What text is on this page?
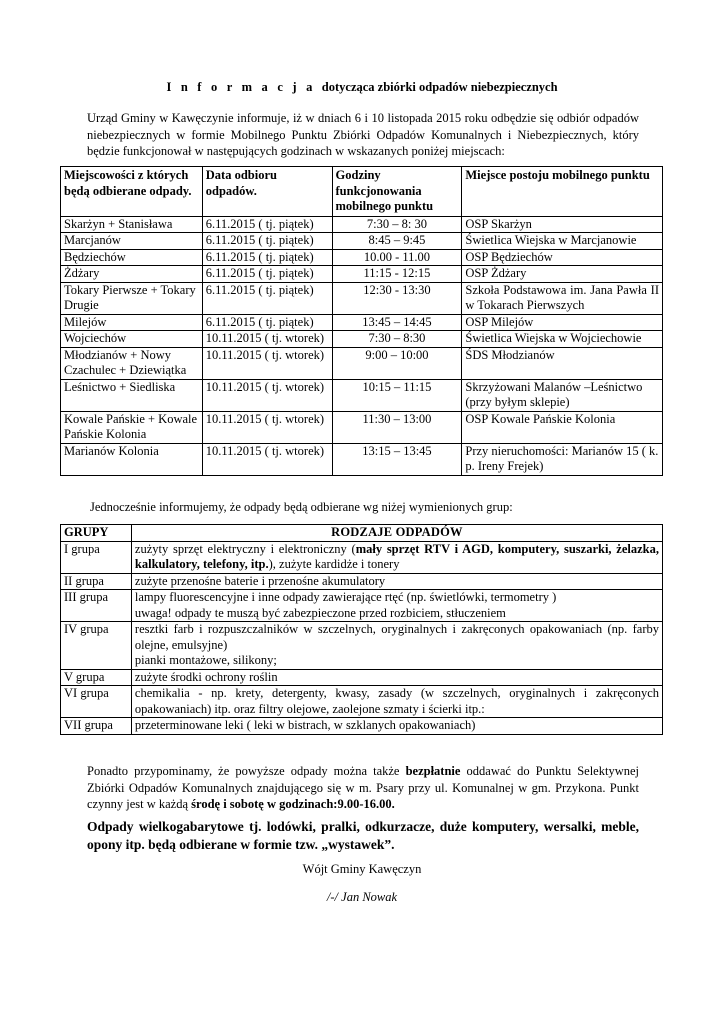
I n f o r m a c j a dotycząca zbiórki odpadów niebezpiecznych

Urząd Gminy w Kawęczynie informuje, iż w dniach 6 i 10 listopada 2015 roku odbędzie się odbiór odpadów niebezpiecznych w formie Mobilnego Punktu Zbiórki Odpadów Komunalnych i Niebezpiecznych, który będzie funkcjonował w następujących godzinach w wskazanych poniżej miejscach:

Miejscowości z których będą odbierane odpady.	Data odbioru odpadów.	Godziny funkcjonowania mobilnego punktu	Miejsce postoju mobilnego punktu
Skarżyn + Stanisława	6.11.2015 ( tj. piątek)	7:30 – 8: 30	OSP Skarżyn
Marcjanów	6.11.2015 ( tj. piątek)	8:45 – 9:45	Świetlica Wiejska w Marcjanowie
Będziechów	6.11.2015 ( tj. piątek)	10.00 - 11.00	OSP Będziechów
Żdżary	6.11.2015 ( tj. piątek)	11:15 - 12:15	OSP Żdżary
Tokary Pierwsze + Tokary Drugie	6.11.2015 ( tj. piątek)	12:30 - 13:30	Szkoła Podstawowa im. Jana Pawła II w Tokarach Pierwszych
Milejów	6.11.2015 ( tj. piątek)	13:45 – 14:45	OSP Milejów
Wojciechów	10.11.2015 ( tj. wtorek)	7:30 – 8:30	Świetlica Wiejska w Wojciechowie
Młodzianów + Nowy Czachulec + Dziewiątka	10.11.2015 ( tj. wtorek)	9:00 – 10:00	ŚDS Młodzianów
Leśnictwo + Siedliska	10.11.2015 ( tj. wtorek)	10:15 – 11:15	Skrzyżowani Malanów –Leśnictwo (przy byłym sklepie)
Kowale Pańskie + Kowale Pańskie Kolonia	10.11.2015 ( tj. wtorek)	11:30 – 13:00	OSP Kowale Pańskie Kolonia
Marianów Kolonia	10.11.2015 ( tj. wtorek)	13:15 – 13:45	Przy nieruchomości: Marianów 15 ( k. p. Ireny Frejek)
Jednocześnie informujemy, że odpady będą odbierane wg niżej wymienionych grup:
GRUPY	RODZAJE ODPADÓW
I grupa	zużyty sprzęt elektryczny i elektroniczny (mały sprzęt RTV i AGD, komputery, suszarki, żelazka, kalkulatory, telefony, itp.), zużyte kardidże i tonery
II grupa	zużyte przenośne baterie i przenośne akumulatory
III grupa	lampy fluorescencyjne i inne odpady zawierające rtęć (np. świetlówki, termometry )
uwaga! odpady te muszą być zabezpieczone przed rozbiciem, stłuczeniem

IV grupa	resztki farb i rozpuszczalników w szczelnych, oryginalnych i zakręconych opakowaniach (np. farby olejne, emulsyjne)
pianki montażowe, silikony;

V grupa	zużyte środki ochrony roślin
VI grupa	chemikalia - np. krety, detergenty, kwasy, zasady (w szczelnych, oryginalnych i zakręconych opakowaniach) itp. oraz filtry olejowe, zaolejone szmaty i ścierki itp.:
VII grupa	przeterminowane leki ( leki w bistrach, w szklanych opakowaniach)

Ponadto przypominamy, że powyższe odpady można także bezpłatnie oddawać do Punktu Selektywnej Zbiórki Odpadów Komunalnych znajdującego się w m. Psary przy ul. Komunalnej w gm. Przykona. Punkt czynny jest w każdą środę i sobotę w godzinach:9.00-16.00.

Odpady wielkogabarytowe tj. lodówki, pralki, odkurzacze, duże komputery, wersalki, meble, opony itp. będą odbierane w formie tzw. „wystawek”.

Wójt Gminy Kawęczyn
/-/ Jan Nowak
